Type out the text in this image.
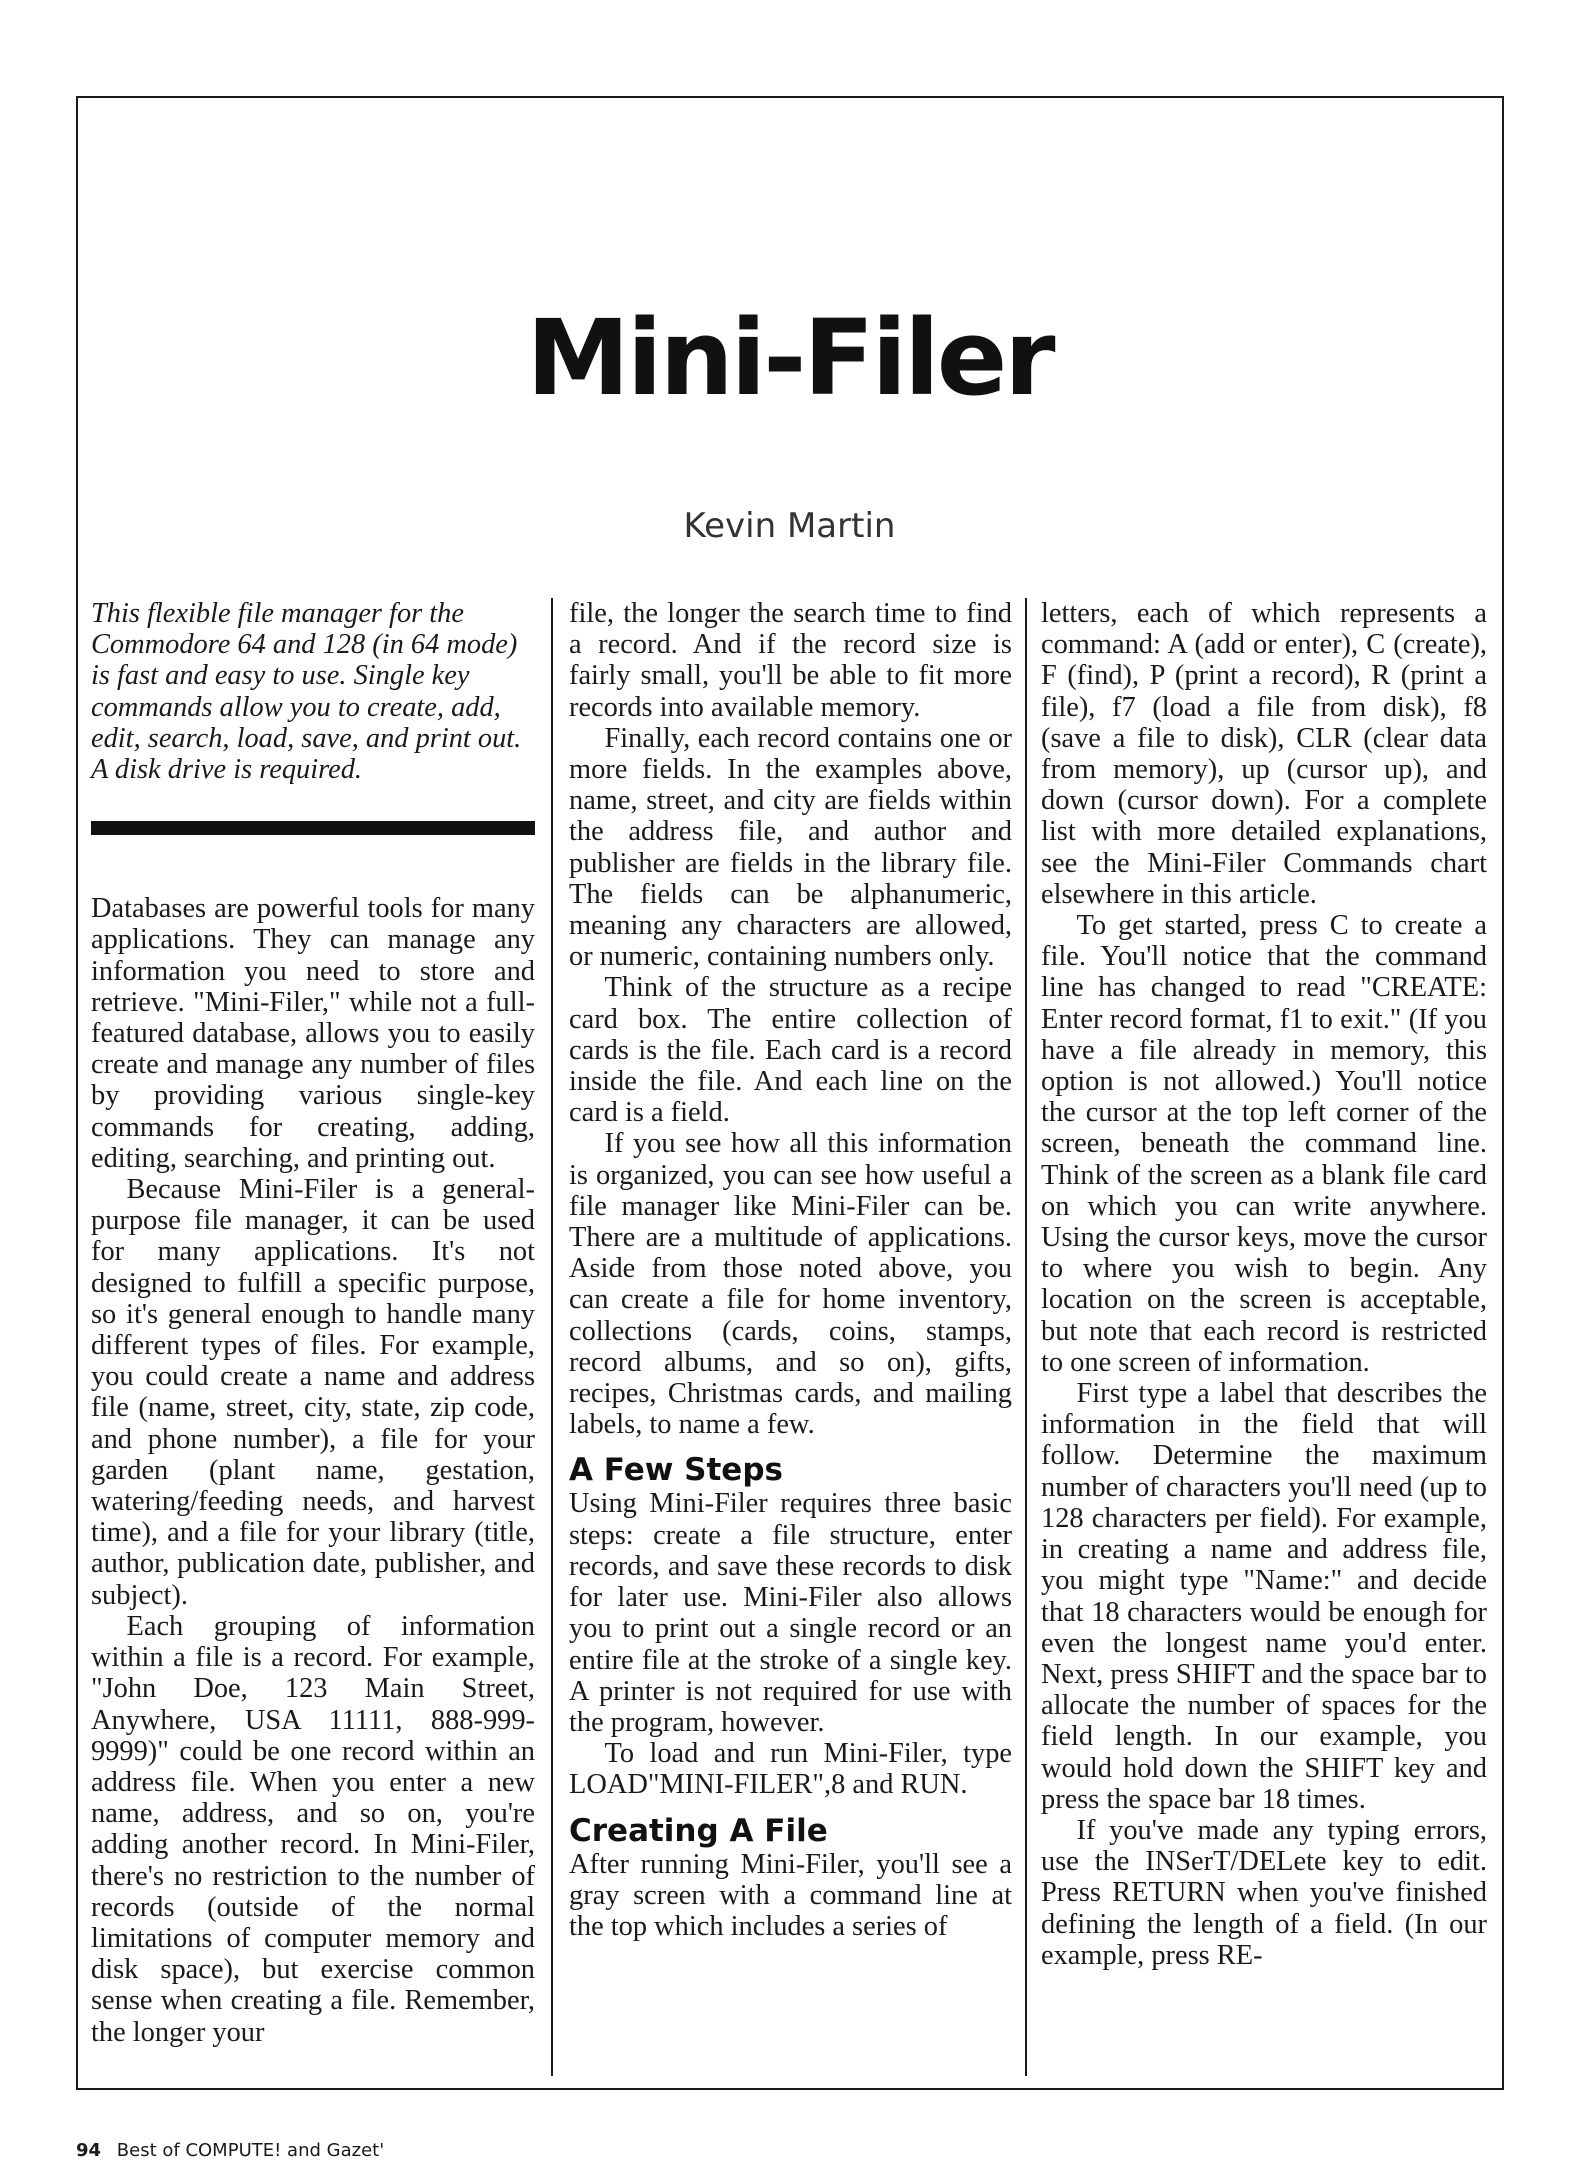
Mini-Filer
Kevin Martin

This flexible file manager for the Commodore 64 and 128 (in 64 mode) is fast and easy to use. Single key commands allow you to create, add, edit, search, load, save, and print out. A disk drive is required.

Databases are powerful tools for many applications. They can manage any information you need to store and retrieve. "Mini-Filer," while not a full-featured database, allows you to easily create and manage any number of files by providing various single-key commands for creating, adding, editing, searching, and printing out.

Because Mini-Filer is a general-purpose file manager, it can be used for many applications. It's not designed to fulfill a specific purpose, so it's general enough to handle many different types of files. For example, you could create a name and address file (name, street, city, state, zip code, and phone number), a file for your garden (plant name, gestation, watering/feeding needs, and harvest time), and a file for your library (title, author, publication date, publisher, and subject).

Each grouping of information within a file is a record. For example, "John Doe, 123 Main Street, Anywhere, USA 11111, 888-999-9999)" could be one record within an address file. When you enter a new name, address, and so on, you're adding another record. In Mini-Filer, there's no restriction to the number of records (outside of the normal limitations of computer memory and disk space), but exercise common sense when creating a file. Remember, the longer your

file, the longer the search time to find a record. And if the record size is fairly small, you'll be able to fit more records into available memory.

Finally, each record contains one or more fields. In the examples above, name, street, and city are fields within the address file, and author and publisher are fields in the library file. The fields can be alphanumeric, meaning any characters are allowed, or numeric, containing numbers only.

Think of the structure as a recipe card box. The entire collection of cards is the file. Each card is a record inside the file. And each line on the card is a field.

If you see how all this information is organized, you can see how useful a file manager like Mini-Filer can be. There are a multitude of applications. Aside from those noted above, you can create a file for home inventory, collections (cards, coins, stamps, record albums, and so on), gifts, recipes, Christmas cards, and mailing labels, to name a few.

A Few Steps

Using Mini-Filer requires three basic steps: create a file structure, enter records, and save these records to disk for later use. Mini-Filer also allows you to print out a single record or an entire file at the stroke of a single key. A printer is not required for use with the program, however.

To load and run Mini-Filer, type LOAD"MINI-FILER",8 and RUN.

Creating A File

After running Mini-Filer, you'll see a gray screen with a command line at the top which includes a series of

letters, each of which represents a command: A (add or enter), C (create), F (find), P (print a record), R (print a file), f7 (load a file from disk), f8 (save a file to disk), CLR (clear data from memory), up (cursor up), and down (cursor down). For a complete list with more detailed explanations, see the Mini-Filer Commands chart elsewhere in this article.

To get started, press C to create a file. You'll notice that the command line has changed to read "CREATE: Enter record format, f1 to exit." (If you have a file already in memory, this option is not allowed.) You'll notice the cursor at the top left corner of the screen, beneath the command line. Think of the screen as a blank file card on which you can write anywhere. Using the cursor keys, move the cursor to where you wish to begin. Any location on the screen is acceptable, but note that each record is restricted to one screen of information.

First type a label that describes the information in the field that will follow. Determine the maximum number of characters you'll need (up to 128 characters per field). For example, in creating a name and address file, you might type "Name:" and decide that 18 characters would be enough for even the longest name you'd enter. Next, press SHIFT and the space bar to allocate the number of spaces for the field length. In our example, you would hold down the SHIFT key and press the space bar 18 times.

If you've made any typing errors, use the INSerT/DELete key to edit. Press RETURN when you've finished defining the length of a field. (In our example, press RE-

94 Best of COMPUTE! and Gazet'
